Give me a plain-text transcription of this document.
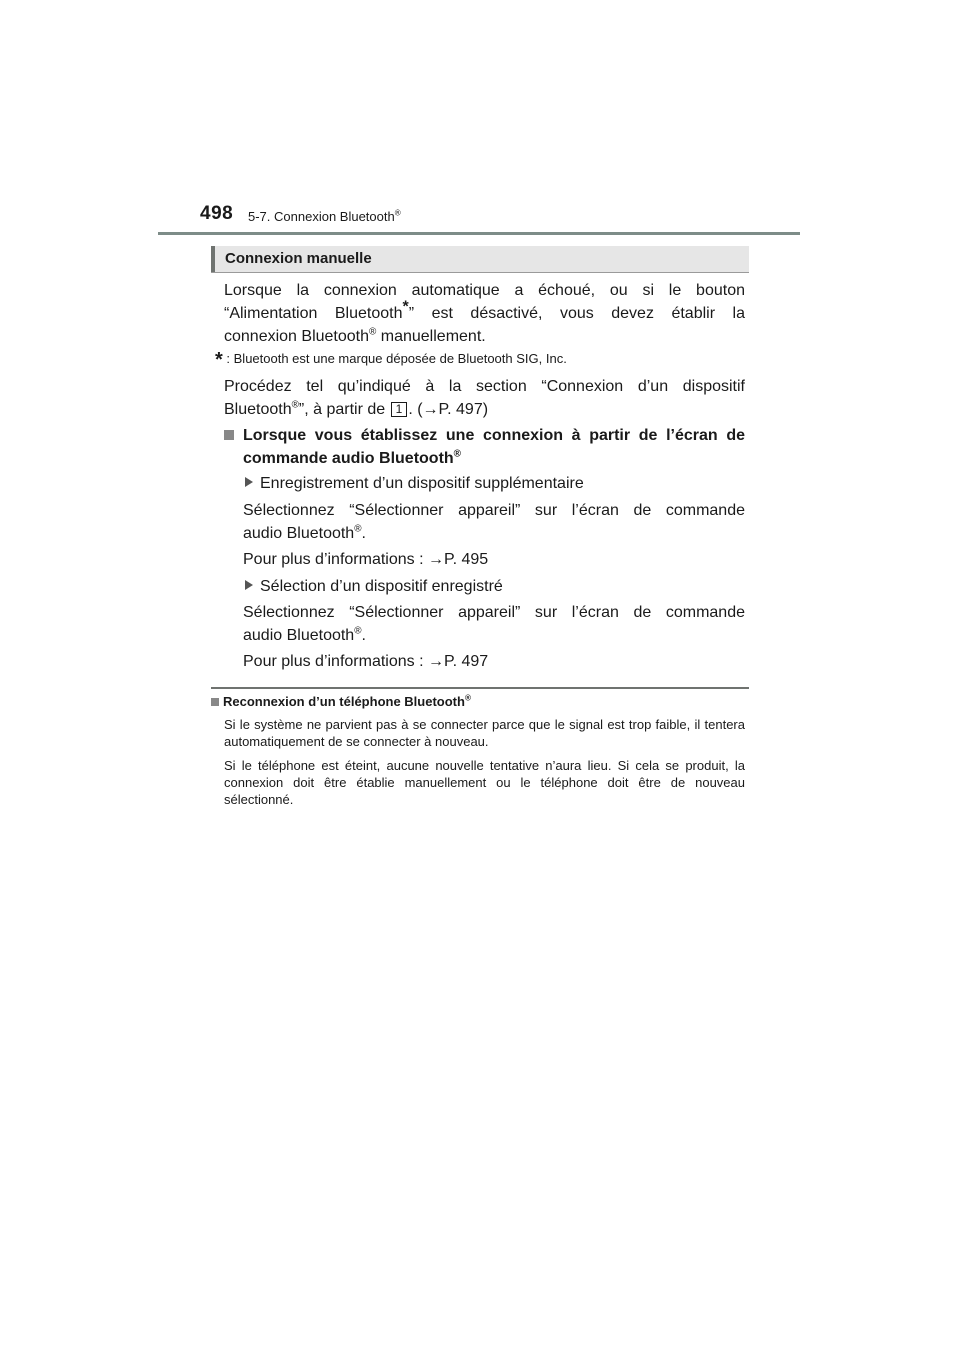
498 5-7. Connexion Bluetooth®
Connexion manuelle
Lorsque la connexion automatique a échoué, ou si le bouton
“Alimentation Bluetooth*” est désactivé, vous devez établir la
connexion Bluetooth® manuellement.
* : Bluetooth est une marque déposée de Bluetooth SIG, Inc.
Procédez tel qu’indiqué à la section “Connexion d’un dispositif
Bluetooth®”, à partir de 1 . (→P. 497)
Lorsque vous établissez une connexion à partir de l’écran de
commande audio Bluetooth®
Enregistrement d’un dispositif supplémentaire
Sélectionnez “Sélectionner appareil” sur l’écran de commande
audio Bluetooth®.
Pour plus d’informations : →P. 495
Sélection d’un dispositif enregistré
Sélectionnez “Sélectionner appareil” sur l’écran de commande
audio Bluetooth®.
Pour plus d’informations : →P. 497
Reconnexion d’un téléphone Bluetooth®
Si le système ne parvient pas à se connecter parce que le signal est trop faible, il tentera automatiquement de se connecter à nouveau.
Si le téléphone est éteint, aucune nouvelle tentative n’aura lieu. Si cela se produit, la connexion doit être établie manuellement ou le téléphone doit être de nouveau sélectionné.
